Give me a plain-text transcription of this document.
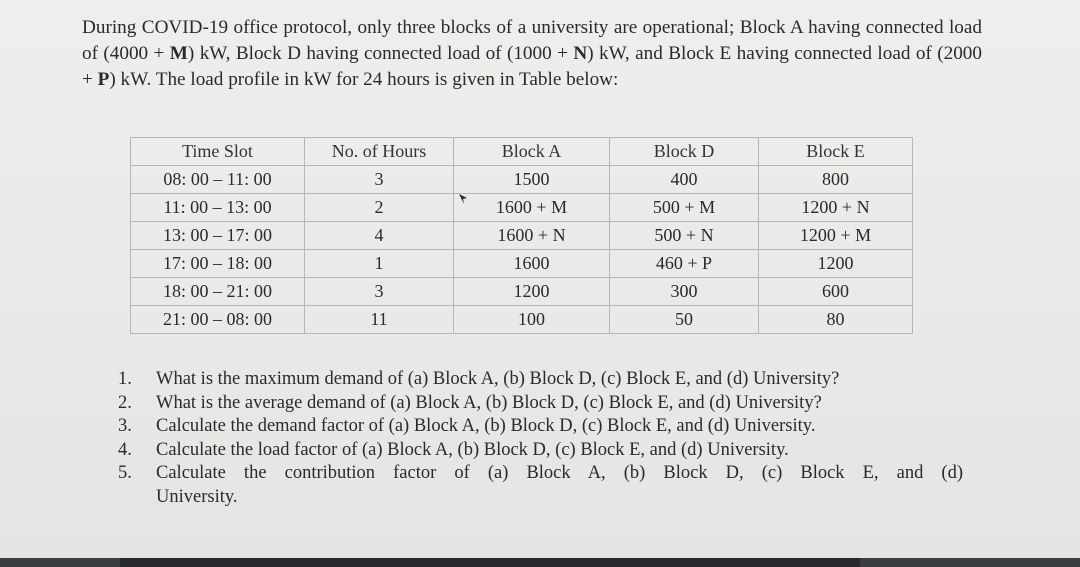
During COVID-19 office protocol, only three blocks of a university are operational; Block A having connected load of (4000 + M) kW, Block D having connected load of (1000 + N) kW, and Block E having connected load of (2000 + P) kW. The load profile in kW for 24 hours is given in Table below:

Time Slot	No. of Hours	Block A	Block D	Block E
08: 00 – 11: 00	3	1500	400	800
11: 00 – 13: 00	2	1600 + M	500 + M	1200 + N
13: 00 – 17: 00	4	1600 + N	500 + N	1200 + M
17: 00 – 18: 00	1	1600	460 + P	1200
18: 00 – 21: 00	3	1200	300	600
21: 00 – 08: 00	11	100	50	80
1. What is the maximum demand of (a) Block A, (b) Block D, (c) Block E, and (d) University?
2. What is the average demand of (a) Block A, (b) Block D, (c) Block E, and (d) University?
3. Calculate the demand factor of (a) Block A, (b) Block D, (c) Block E, and (d) University.
4. Calculate the load factor of (a) Block A, (b) Block D, (c) Block E, and (d) University.
5. Calculate the contribution factor of (a) Block A, (b) Block D, (c) Block E, and (d)
University.
